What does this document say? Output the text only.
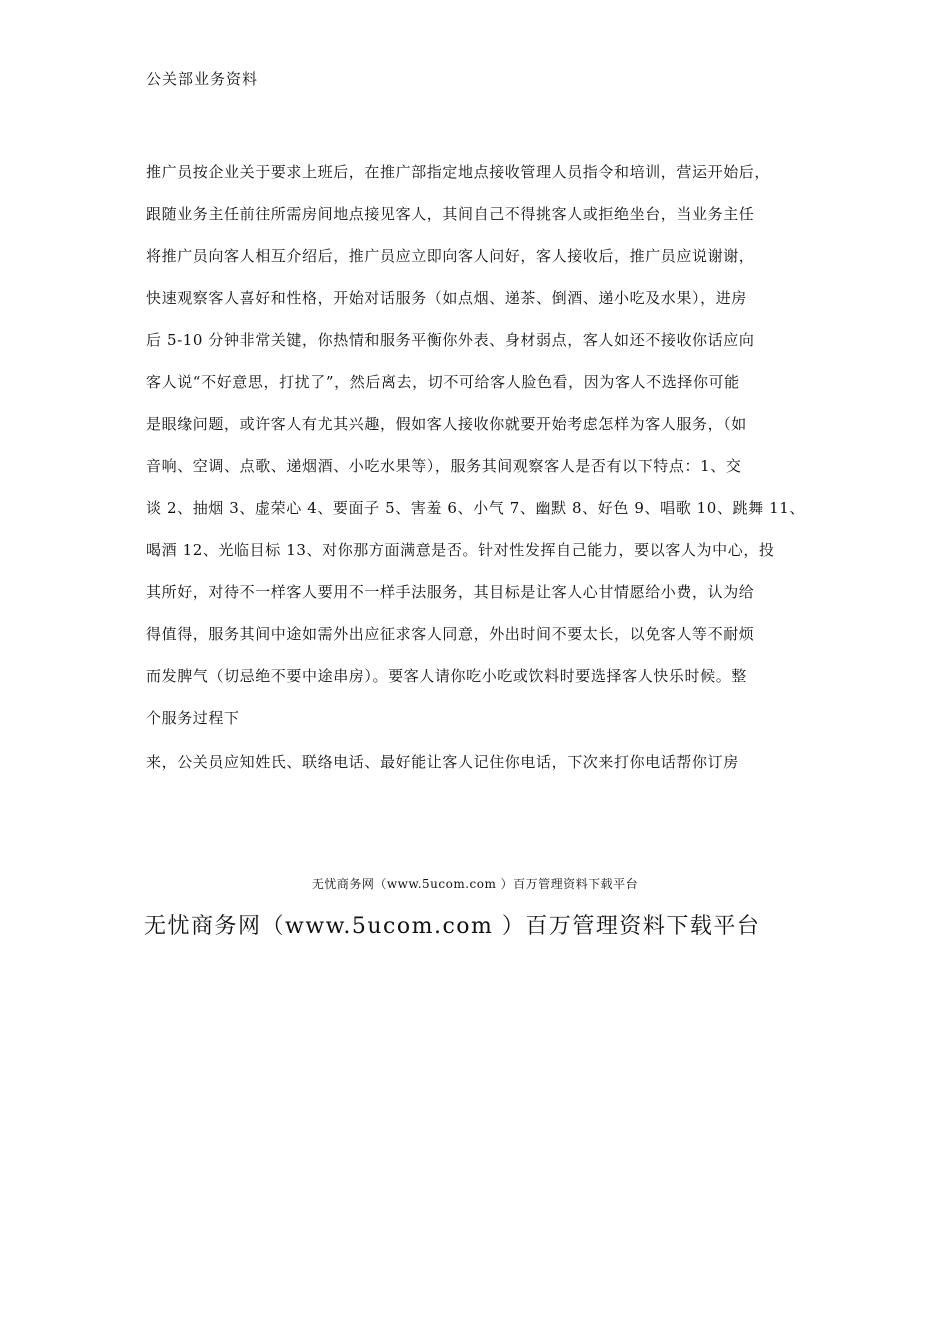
公关部业务资料
推广员按企业关于要求上班后，在推广部指定地点接收管理人员指令和培训，营运开始后，
跟随业务主任前往所需房间地点接见客人，其间自己不得挑客人或拒绝坐台，当业务主任
将推广员向客人相互介绍后，推广员应立即向客人问好，客人接收后，推广员应说谢谢，
快速观察客人喜好和性格，开始对话服务（如点烟、递茶、倒酒、递小吃及水果），进房
后 5-10 分钟非常关键，你热情和服务平衡你外表、身材弱点，客人如还不接收你话应向
客人说“不好意思，打扰了”，然后离去，切不可给客人脸色看，因为客人不选择你可能
是眼缘问题，或许客人有尤其兴趣，假如客人接收你就要开始考虑怎样为客人服务，（如
音响、空调、点歌、递烟酒、小吃水果等），服务其间观察客人是否有以下特点：1、交
谈 2、抽烟 3、虚荣心 4、要面子 5、害羞 6、小气 7、幽默 8、好色 9、唱歌 10、跳舞 11、
喝酒 12、光临目标 13、对你那方面满意是否。针对性发挥自己能力，要以客人为中心，投
其所好，对待不一样客人要用不一样手法服务，其目标是让客人心甘情愿给小费，认为给
得值得，服务其间中途如需外出应征求客人同意，外出时间不要太长，以免客人等不耐烦
而发脾气（切忌绝不要中途串房）。要客人请你吃小吃或饮料时要选择客人快乐时候。整
个服务过程下
来，公关员应知姓氏、联络电话、最好能让客人记住你电话，下次来打你电话帮你订房
无忧商务网（www.5ucom.com ）百万管理资料下载平台
无忧商务网（www.5ucom.com ）百万管理资料下载平台
